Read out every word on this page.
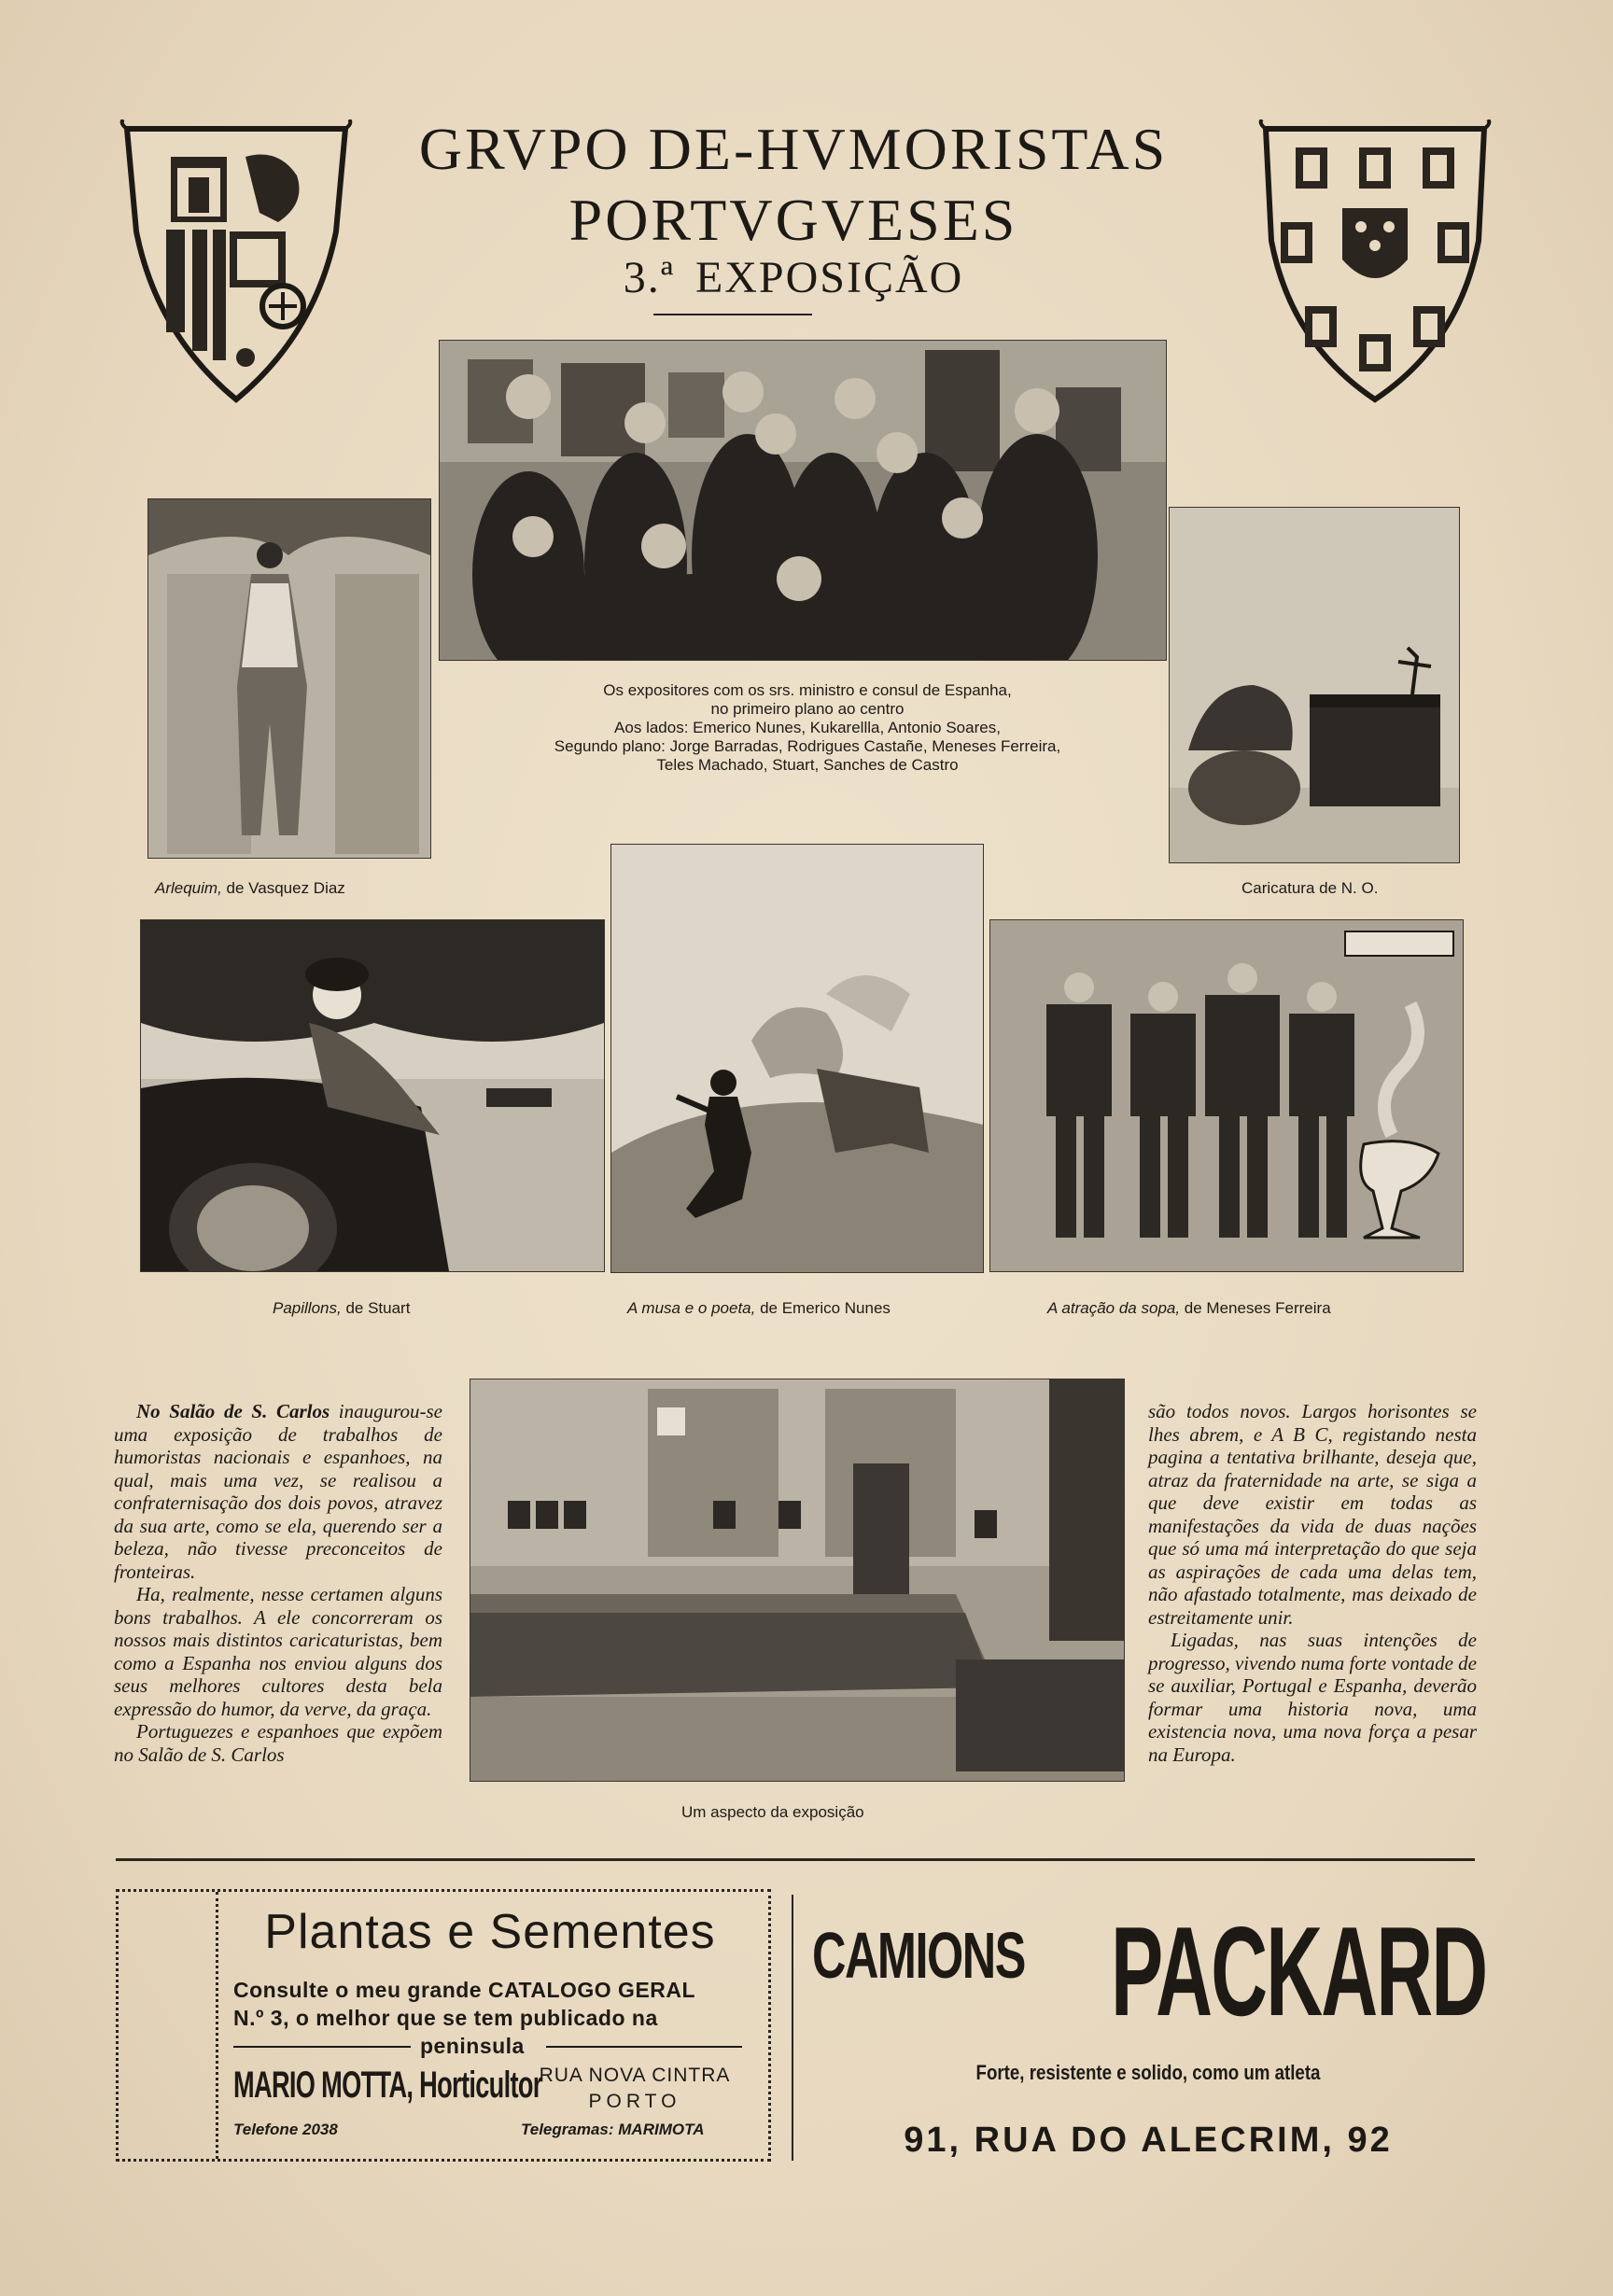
GRVPO DE-HVMORISTAS
PORTVGVESES
3.ª EXPOSIÇÃO
Os expositores com os srs. ministro e consul de Espanha,
no primeiro plano ao centro
Aos lados: Emerico Nunes, Kukarellla, Antonio Soares,
Segundo plano: Jorge Barradas, Rodrigues Castañe, Meneses Ferreira,
Teles Machado, Stuart, Sanches de Castro
Arlequim, de Vasquez Diaz	Caricatura de N. O.
Papillons, de Stuart	A musa e o poeta, de Emerico Nunes	A atração da sopa, de Meneses Ferreira

No Salão de S. Carlos inaugurou-se uma exposição de trabalhos de humoristas nacionais e espanhoes, na qual, mais uma vez, se realisou a confraternisação dos dois povos, atravez da sua arte, como se ela, querendo ser a beleza, não tivesse preconceitos de fronteiras.

Ha, realmente, nesse certamen alguns bons trabalhos. A ele concorreram os nossos mais distintos caricaturistas, bem como a Espanha nos enviou alguns dos seus melhores cultores desta bela expressão do humor, da verve, da graça.

Portuguezes e espanhoes que expõem no Salão de S. Carlos

Um aspecto da exposição

são todos novos. Largos horisontes se lhes abrem, e A B C, registando nesta pagina a tentativa brilhante, deseja que, atraz da fraternidade na arte, se siga a que deve existir em todas as manifestações da vida de duas nações que só uma má interpretação do que seja as aspirações de cada uma delas tem, não afastado totalmente, mas deixado de estreitamente unir.

Ligadas, nas suas intenções de progresso, vivendo numa forte vontade de se auxiliar, Portugal e Espanha, deverão formar uma historia nova, uma existencia nova, uma nova força a pesar na Europa.

Plantas e Sementes
Consulte o meu grande CATALOGO GERAL
N.º 3, o melhor que se tem publicado na
peninsula
MARIO MOTTA, Horticultor
RUA NOVA CINTRA
PORTO
Telefone 2038	Telegramas: MARIMOTA
CAMIONS PACKARD
Forte, resistente e solido, como um atleta
91, RUA DO ALECRIM, 92
